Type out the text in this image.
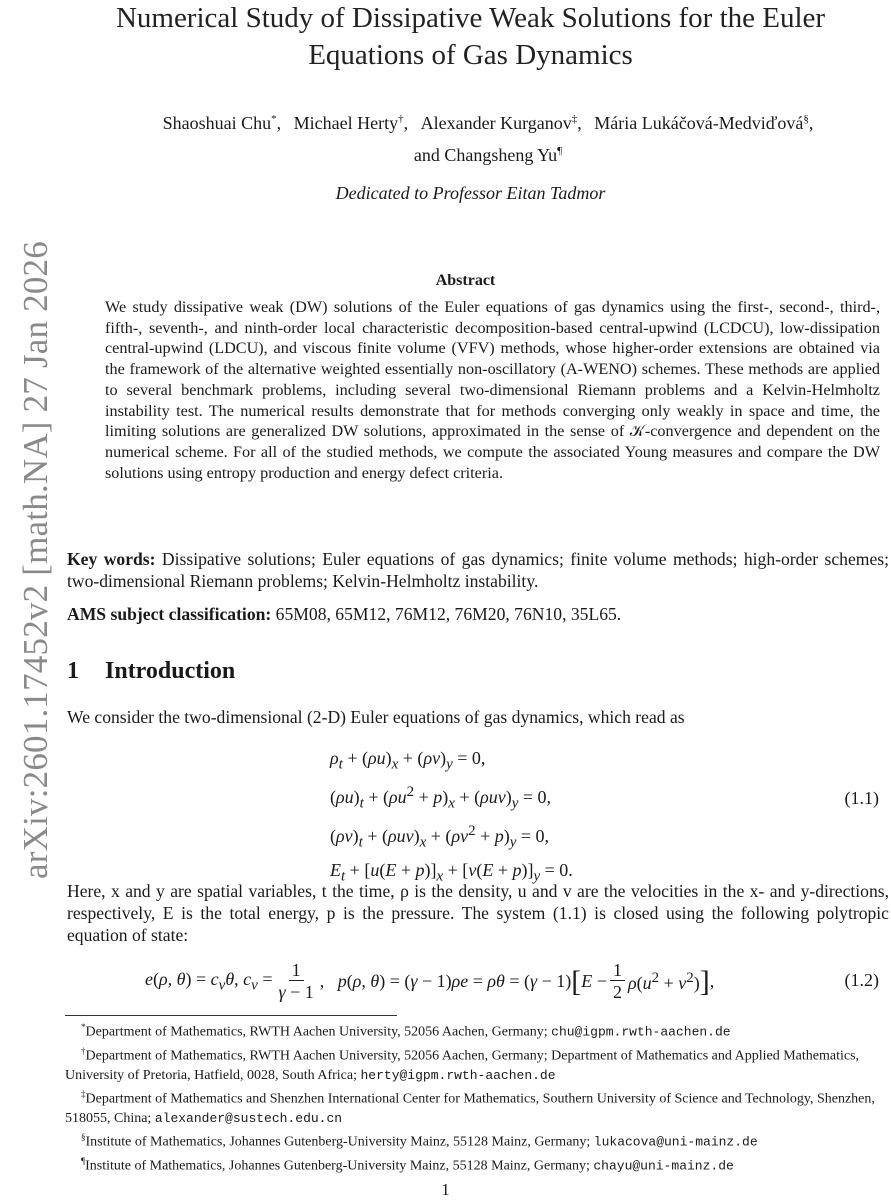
arXiv:2601.17452v2 [math.NA] 27 Jan 2026
Numerical Study of Dissipative Weak Solutions for the Euler
Equations of Gas Dynamics
Shaoshuai Chu*, Michael Herty†, Alexander Kurganov‡, Mária Lukáčová-Medviďová§,
and Changsheng Yu¶
Dedicated to Professor Eitan Tadmor
Abstract
We study dissipative weak (DW) solutions of the Euler equations of gas dynamics using the first-, second-, third-, fifth-, seventh-, and ninth-order local characteristic decomposition-based central-upwind (LCDCU), low-dissipation central-upwind (LDCU), and viscous finite volume (VFV) methods, whose higher-order extensions are obtained via the framework of the alternative weighted essentially non-oscillatory (A-WENO) schemes. These methods are applied to several benchmark problems, including several two-dimensional Riemann problems and a Kelvin-Helmholtz instability test. The numerical results demonstrate that for methods converging only weakly in space and time, the limiting solutions are generalized DW solutions, approximated in the sense of 𝒦-convergence and dependent on the numerical scheme. For all of the studied methods, we compute the associated Young measures and compare the DW solutions using entropy production and energy defect criteria.
Key words: Dissipative solutions; Euler equations of gas dynamics; finite volume methods; high-order schemes; two-dimensional Riemann problems; Kelvin-Helmholtz instability.
AMS subject classification: 65M08, 65M12, 76M12, 76M20, 76N10, 35L65.
1 Introduction
We consider the two-dimensional (2-D) Euler equations of gas dynamics, which read as
$\rho_t + (\rho u)_x + (\rho v)_y = 0$,
$(\rho u)_t + (\rho u^2 + p)_x + (\rho uv)_y = 0$,
$(\rho v)_t + (\rho uv)_x + (\rho v^2 + p)_y = 0$,
$E_t + [u(E + p)]_x + [v(E + p)]_y = 0$.
(1.1)
Here, x and y are spatial variables, t the time, ρ is the density, u and v are the velocities in the x- and y-directions, respectively, E is the total energy, p is the pressure. The system (1.1) is closed using the following polytropic equation of state:
e(ρ, $\theta) = c_v\theta$, $c_v = \frac{1}{\gamma - 1}$ , p(ρ, θ) = (γ − 1)ρe = ρθ = (γ − 1) [ $E - \frac{1}{2} \rho(u^2 + v^2)$ ] ,	(1.2)

*Department of Mathematics, RWTH Aachen University, 52056 Aachen, Germany; chu@igpm.rwth-aachen.de

†Department of Mathematics, RWTH Aachen University, 52056 Aachen, Germany; Department of Mathematics and Applied Mathematics, University of Pretoria, Hatfield, 0028, South Africa; herty@igpm.rwth-aachen.de

‡Department of Mathematics and Shenzhen International Center for Mathematics, Southern University of Science and Technology, Shenzhen, 518055, China; alexander@sustech.edu.cn

§Institute of Mathematics, Johannes Gutenberg-University Mainz, 55128 Mainz, Germany; lukacova@uni-mainz.de

¶Institute of Mathematics, Johannes Gutenberg-University Mainz, 55128 Mainz, Germany; chayu@uni-mainz.de

1
